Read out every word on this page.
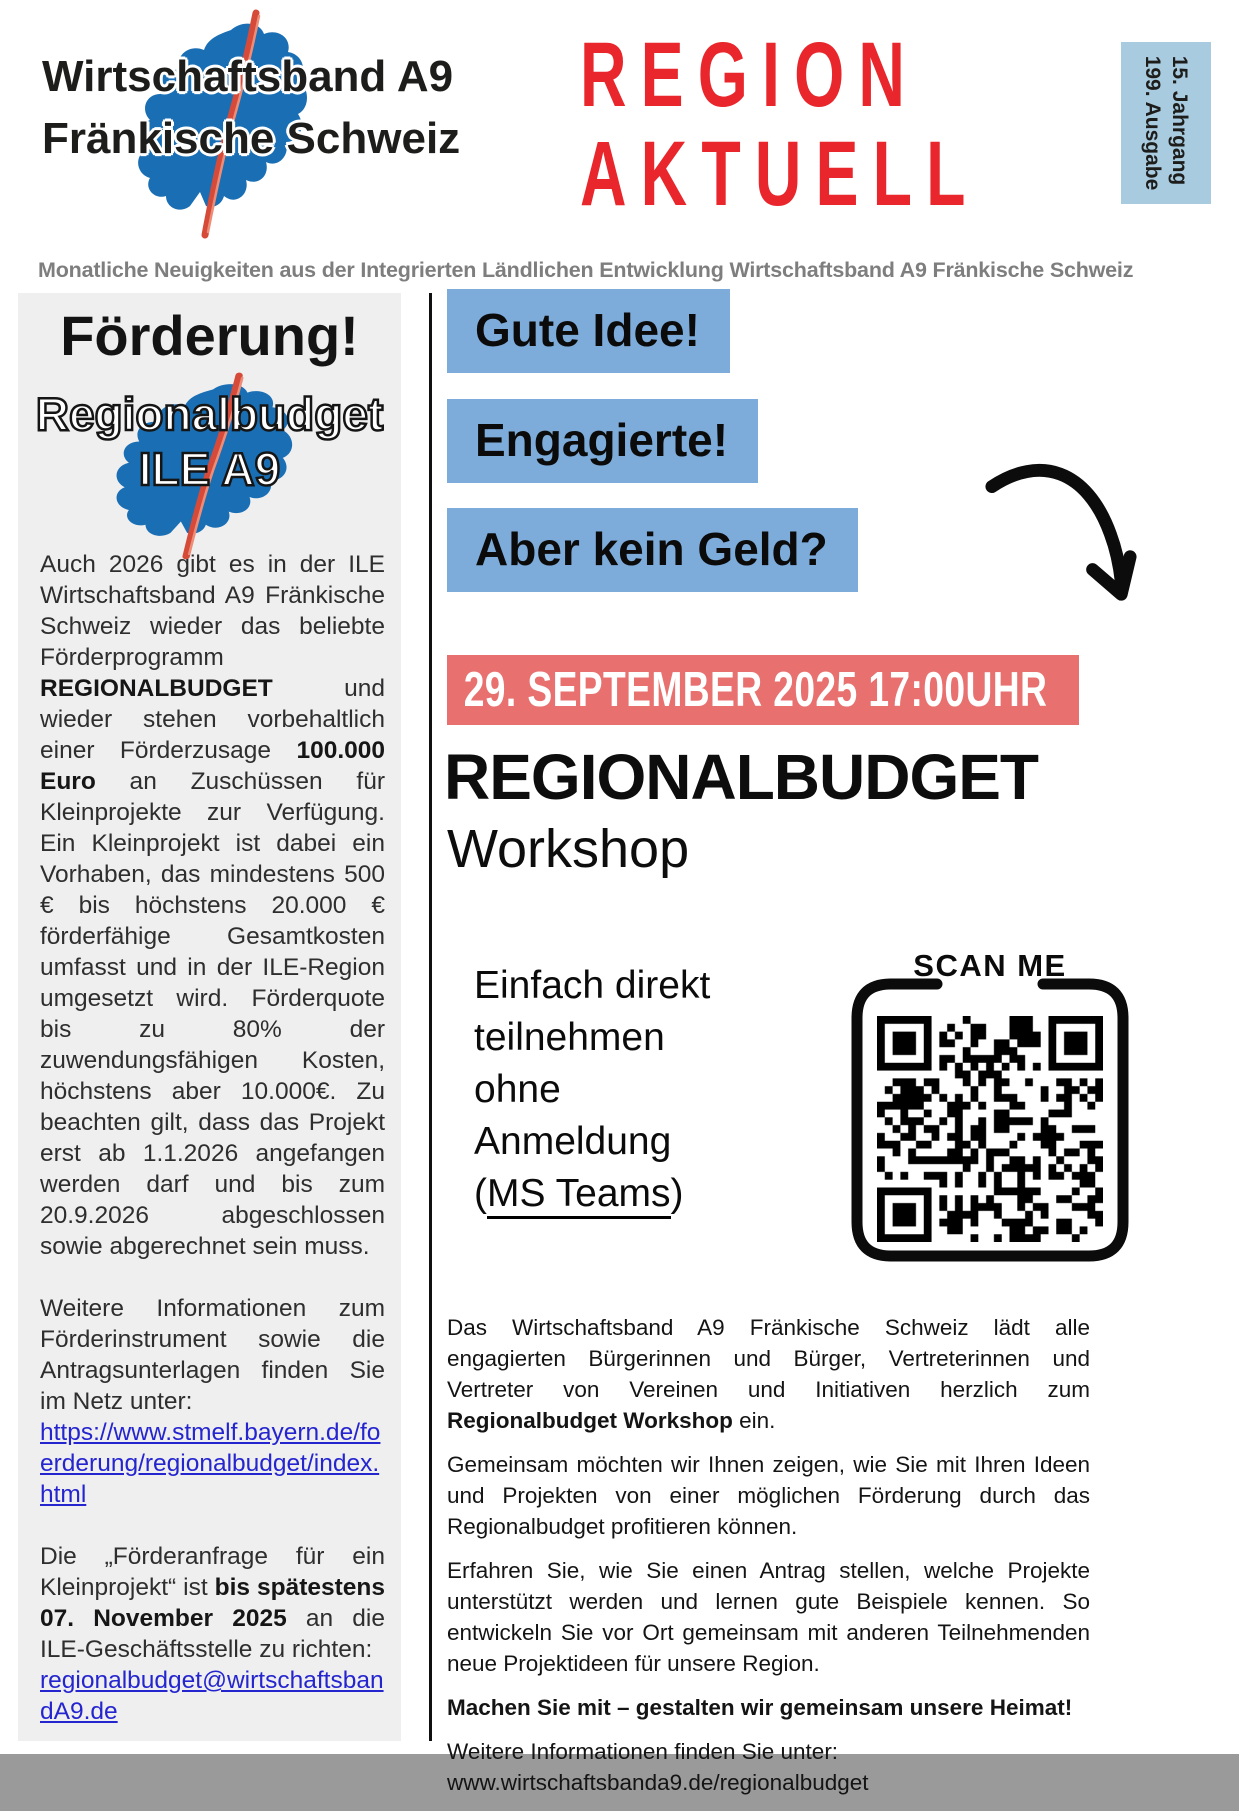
Wirtschaftsband A9
Fränkische Schweiz
REGION
AKTUELL	15. Jahrgang
199. Ausgabe
Monatliche Neuigkeiten aus der Integrierten Ländlichen Entwicklung Wirtschaftsband A9 Fränkische Schweiz
Förderung!
Regionalbudget
ILE A9

Auch 2026 gibt es in der ILE Wirtschaftsband A9 Fränkische Schweiz wieder das beliebte Förderprogramm REGIONALBUDGET und wieder stehen vorbehaltlich einer Förderzusage 100.000 Euro an Zuschüssen für Kleinprojekte zur Verfügung. Ein Kleinprojekt ist dabei ein Vorhaben, das mindestens 500 € bis höchstens 20.000 € förderfähige Gesamtkosten umfasst und in der ILE-Region umgesetzt wird. Förderquote bis zu 80% der zuwendungsfähigen Kosten, höchstens aber 10.000€. Zu beachten gilt, dass das Projekt erst ab 1.1.2026 angefangen werden darf und bis zum 20.9.2026 abgeschlossen sowie abgerechnet sein muss.

Weitere Informationen zum Förderinstrument sowie die Antragsunterlagen finden Sie im Netz unter:
https://www.stmelf.bayern.de/foerderung/regionalbudget/index.html

Die „Förderanfrage für ein Kleinprojekt“ ist bis spätestens 07. November 2025 an die ILE-Geschäftsstelle zu richten:
regionalbudget@wirtschaftsbandA9.de

Gute Idee!
Engagierte!
Aber kein Geld?
29. SEPTEMBER 2025 17:00UHR
REGIONALBUDGET
Workshop
Einfach direkt
teilnehmen
ohne
Anmeldung
(MS Teams)
SCAN ME

Das Wirtschaftsband A9 Fränkische Schweiz lädt alle engagierten Bürgerinnen und Bürger, Vertreterinnen und Vertreter von Vereinen und Initiativen herzlich zum Regionalbudget Workshop ein.

Gemeinsam möchten wir Ihnen zeigen, wie Sie mit Ihren Ideen und Projekten von einer möglichen Förderung durch das Regionalbudget profitieren können.

Erfahren Sie, wie Sie einen Antrag stellen, welche Projekte unterstützt werden und lernen gute Beispiele kennen. So entwickeln Sie vor Ort gemeinsam mit anderen Teilnehmenden neue Projektideen für unsere Region.

Machen Sie mit – gestalten wir gemeinsam unsere Heimat!

Weitere Informationen finden Sie unter:
www.wirtschaftsbanda9.de/regionalbudget
